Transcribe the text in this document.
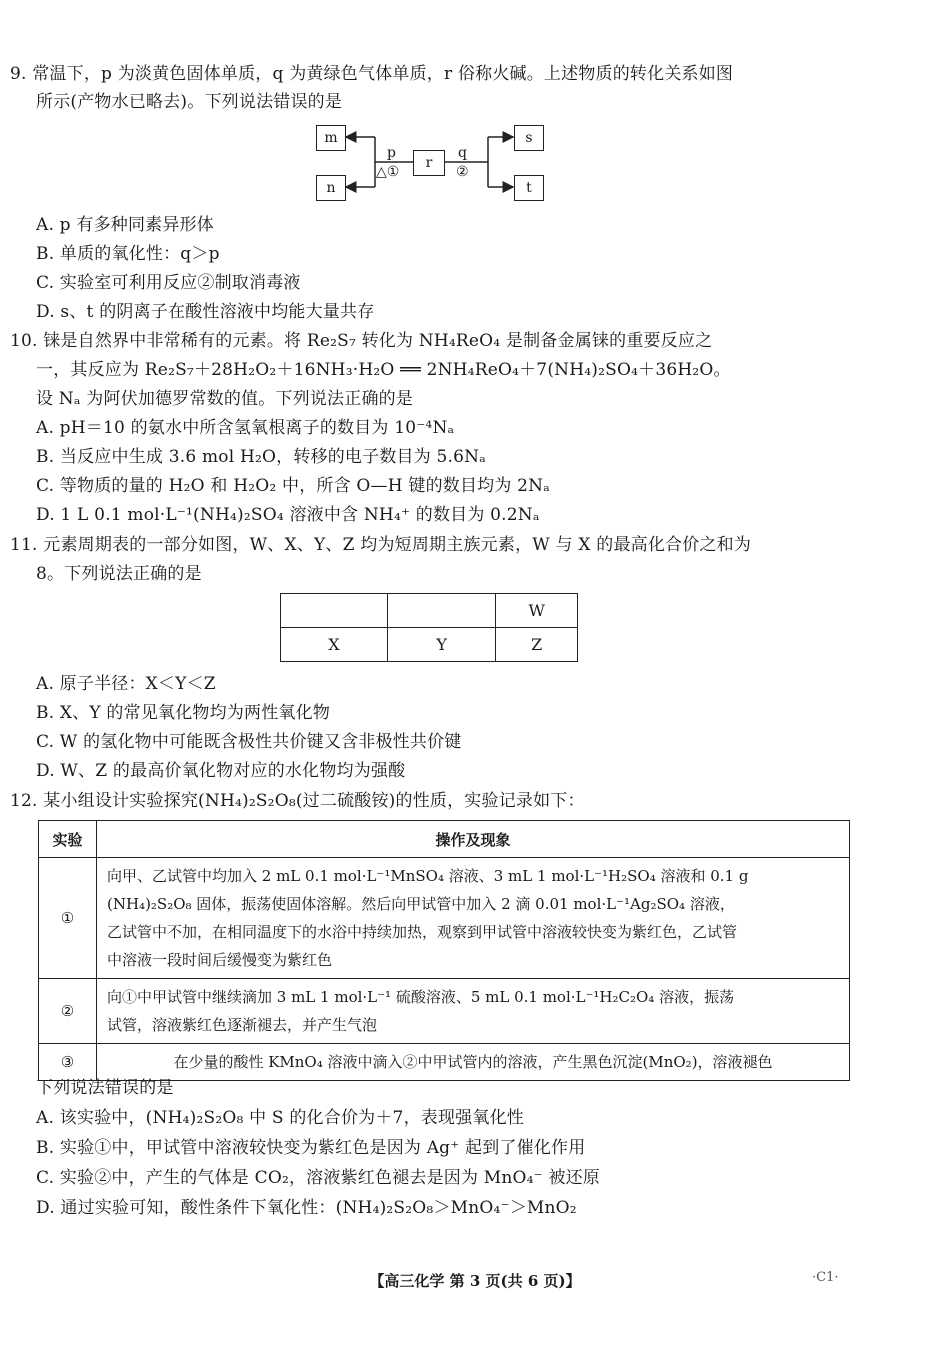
9. 常温下，p 为淡黄色固体单质，q 为黄绿色气体单质，r 俗称火碱。上述物质的转化关系如图
所示(产物水已略去)。下列说法错误的是
m
n
r
s
t
p
△①
q
②
A. p 有多种同素异形体
B. 单质的氧化性：q＞p
C. 实验室可利用反应②制取消毒液
D. s、t 的阴离子在酸性溶液中均能大量共存
10. 铼是自然界中非常稀有的元素。将 Re₂S₇ 转化为 NH₄ReO₄ 是制备金属铼的重要反应之
一，其反应为 Re₂S₇＋28H₂O₂＋16NH₃·H₂O ══ 2NH₄ReO₄＋7(NH₄)₂SO₄＋36H₂O。
设 Nₐ 为阿伏加德罗常数的值。下列说法正确的是
A. pH＝10 的氨水中所含氢氧根离子的数目为 10⁻⁴Nₐ
B. 当反应中生成 3.6 mol H₂O，转移的电子数目为 5.6Nₐ
C. 等物质的量的 H₂O 和 H₂O₂ 中，所含 O—H 键的数目均为 2Nₐ
D. 1 L 0.1 mol·L⁻¹(NH₄)₂SO₄ 溶液中含 NH₄⁺ 的数目为 0.2Nₐ
11. 元素周期表的一部分如图，W、X、Y、Z 均为短周期主族元素，W 与 X 的最高化合价之和为
8。下列说法正确的是
		W
X	Y	Z
A. 原子半径：X＜Y＜Z
B. X、Y 的常见氧化物均为两性氧化物
C. W 的氢化物中可能既含极性共价键又含非极性共价键
D. W、Z 的最高价氧化物对应的水化物均为强酸
12. 某小组设计实验探究(NH₄)₂S₂O₈(过二硫酸铵)的性质，实验记录如下：
实验	操作及现象
①	向甲、乙试管中均加入 2 mL 0.1 mol·L⁻¹MnSO₄ 溶液、3 mL 1 mol·L⁻¹H₂SO₄ 溶液和 0.1 g
(NH₄)₂S₂O₈ 固体，振荡使固体溶解。然后向甲试管中加入 2 滴 0.01 mol·L⁻¹Ag₂SO₄ 溶液，
乙试管中不加，在相同温度下的水浴中持续加热，观察到甲试管中溶液较快变为紫红色，乙试管
中溶液一段时间后缓慢变为紫红色

②	向①中甲试管中继续滴加 3 mL 1 mol·L⁻¹ 硫酸溶液、5 mL 0.1 mol·L⁻¹H₂C₂O₄ 溶液，振荡
试管，溶液紫红色逐渐褪去，并产生气泡

③	在少量的酸性 KMnO₄ 溶液中滴入②中甲试管内的溶液，产生黑色沉淀(MnO₂)，溶液褪色
下列说法错误的是
A. 该实验中，(NH₄)₂S₂O₈ 中 S 的化合价为＋7，表现强氧化性
B. 实验①中，甲试管中溶液较快变为紫红色是因为 Ag⁺ 起到了催化作用
C. 实验②中，产生的气体是 CO₂，溶液紫红色褪去是因为 MnO₄⁻ 被还原
D. 通过实验可知，酸性条件下氧化性：(NH₄)₂S₂O₈＞MnO₄⁻＞MnO₂
【高三化学 第 3 页(共 6 页)】	·C1·
